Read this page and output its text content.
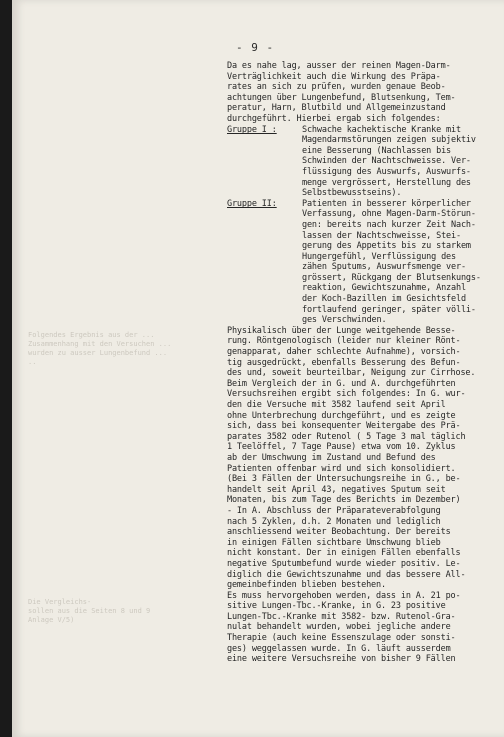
Folgendes Ergebnis aus der ...
Zusammenhang mit den Versuchen ...
wurden zu ausser Lungenbefund ...
..
Die Vergleichs-
sollen aus die Seiten 8 und 9
Anlage V/5)
- 9 -
Da es nahe lag, ausser der reinen Magen-Darm-
Verträglichkeit auch die Wirkung des Präpa-
rates an sich zu prüfen, wurden genaue Beob-
achtungen über Lungenbefund, Blutsenkung, Tem-
peratur, Harn, Blutbild und Allgemeinzustand
durchgeführt. Hierbei ergab sich folgendes:
Gruppe I :	Schwache kachektische Kranke mit
Magendarmstörungen zeigen subjektiv
eine Besserung (Nachlassen bis
Schwinden der Nachtschweisse. Ver-
flüssigung des Auswurfs, Auswurfs-
menge vergrössert, Herstellung des
Selbstbewusstseins).
Gruppe II:	Patienten in besserer körperlicher
Verfassung, ohne Magen-Darm-Störun-
gen: bereits nach kurzer Zeit Nach-
lassen der Nachtschweisse, Stei-
gerung des Appetits bis zu starkem
Hungergefühl, Verflüssigung des
zähen Sputums, Auswurfsmenge ver-
grössert, Rückgang der Blutsenkungs-
reaktion, Gewichtszunahme, Anzahl
der Koch-Bazillen im Gesichtsfeld
fortlaufend geringer, später völli-
ges Verschwinden.
Physikalisch über der Lunge weitgehende Besse-
rung. Röntgenologisch (leider nur kleiner Rönt-
genapparat, daher schlechte Aufnahme), vorsich-
tig ausgedrückt, ebenfalls Besserung des Befun-
des und, soweit beurteilbar, Neigung zur Cirrhose.
Beim Vergleich der in G. und A. durchgeführten
Versuchsreihen ergibt sich folgendes: In G. wur-
den die Versuche mit 3582 laufend seit April
ohne Unterbrechung durchgeführt, und es zeigte
sich, dass bei konsequenter Weitergabe des Prä-
parates 3582 oder Rutenol ( 5 Tage 3 mal täglich
1 Teelöffel, 7 Tage Pause) etwa vom 10. Zyklus
ab der Umschwung im Zustand und Befund des
Patienten offenbar wird und sich konsolidiert.
(Bei 3 Fällen der Untersuchungsreihe in G., be-
handelt seit April 43, negatives Sputum seit
Monaten, bis zum Tage des Berichts im Dezember)
- In A. Abschluss der Präparateverabfolgung
nach 5 Zyklen, d.h. 2 Monaten und lediglich
anschliessend weiter Beobachtung. Der bereits
in einigen Fällen sichtbare Umschwung blieb
nicht konstant. Der in einigen Fällen ebenfalls
negative Sputumbefund wurde wieder positiv. Le-
diglich die Gewichtszunahme und das bessere All-
gemeinbefinden blieben bestehen.
Es muss hervorgehoben werden, dass in A. 21 po-
sitive Lungen-Tbc.-Kranke, in G. 23 positive
Lungen-Tbc.-Kranke mit 3582- bzw. Rutenol-Gra-
nulat behandelt wurden, wobei jegliche andere
Therapie (auch keine Essenszulage oder sonsti-
ges) weggelassen wurde. In G. läuft ausserdem
eine weitere Versuchsreihe von bisher 9 Fällen
